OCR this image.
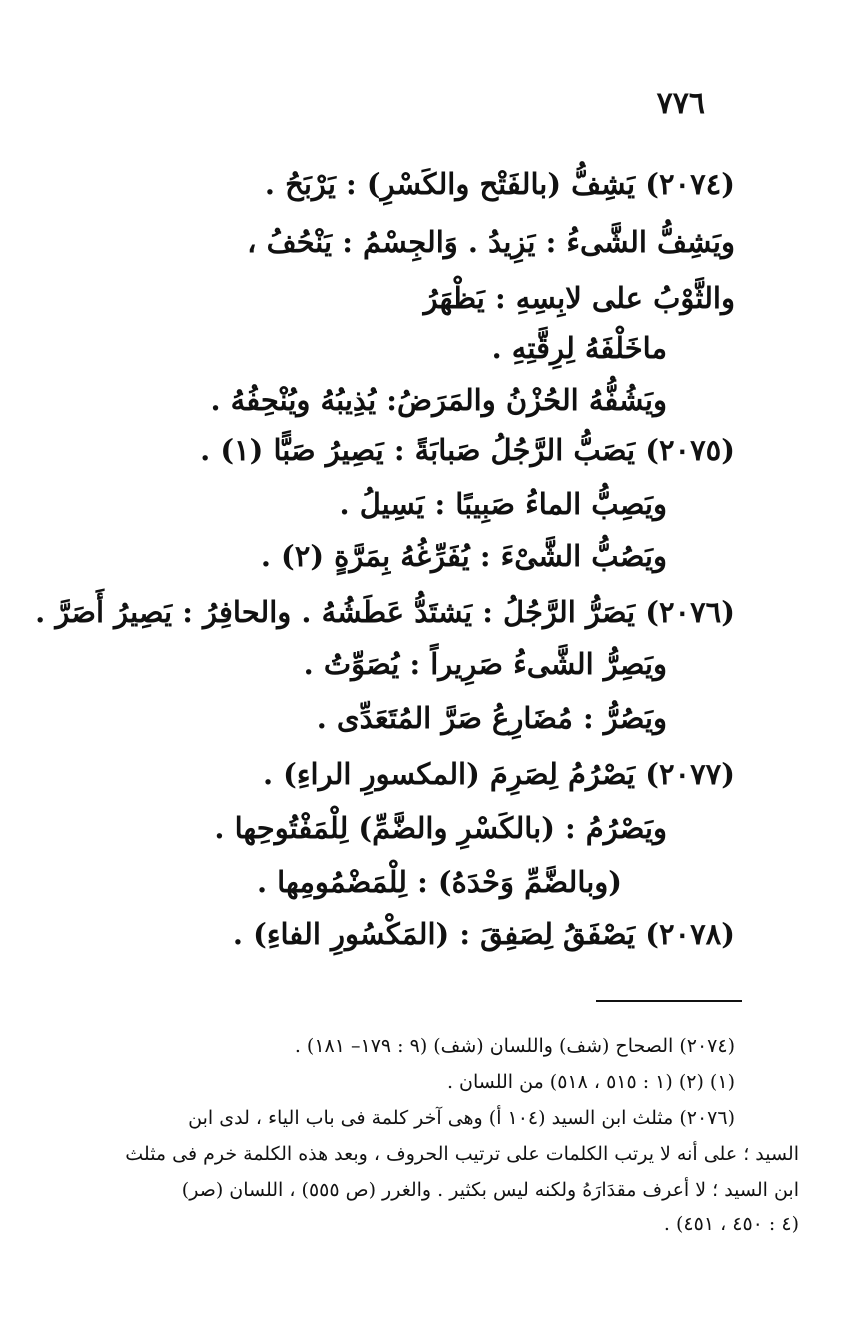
٧٧٦
(٢٠٧٤) يَشِفُّ (بالفَتْح والكَسْرِ) : يَرْبَحُ .
ويَشِفُّ الشَّىءُ : يَزِيدُ . وَالجِسْمُ : يَنْحُفُ ،
والثَّوْبُ على لابِسِهِ : يَظْهَرُ
ماخَلْفَهُ لِرِقَّتِهِ .
ويَشُفُّهُ الحُزْنُ والمَرَضُ: يُذِيبُهُ ويُنْحِفُهُ .
(٢٠٧٥) يَصَبُّ الرَّجُلُ صَبابَةً : يَصِيرُ صَبًّا (١) .
ويَصِبُّ الماءُ صَبِيبًا : يَسِيلُ .
ويَصُبُّ الشَّىْءَ : يُفَرِّغُهُ بِمَرَّةٍ (٢) .
(٢٠٧٦) يَصَرُّ الرَّجُلُ : يَشتَدُّ عَطَشُهُ . والحافِرُ : يَصِيرُ أَصَرَّ .
ويَصِرُّ الشَّىءُ صَرِيراً : يُصَوِّتُ .
ويَصُرُّ : مُضَارِعُ صَرَّ المُتَعَدِّى .
(٢٠٧٧) يَصْرُمُ لِصَرِمَ (المكسورِ الراءِ) .
ويَصْرُمُ : (بالكَسْرِ والضَّمِّ) لِلْمَفْتُوحِها .
(وبالضَّمِّ وَحْدَهُ) : لِلْمَضْمُومِها .
(٢٠٧٨) يَصْفَقُ لِصَفِقَ : (المَكْسُورِ الفاءِ) .
(٢٠٧٤) الصحاح (شف) واللسان (شف) (٩ : ١٧٩– ١٨١) .
(١) (٢) (١ : ٥١٥ ، ٥١٨) من اللسان .
(٢٠٧٦) مثلث ابن السيد (١٠٤ أ) وهى آخر كلمة فى باب الياء ، لدى ابن
السيد ؛ على أنه لا يرتب الكلمات على ترتيب الحروف ، وبعد هذه الكلمة خرم فى مثلث
ابن السيد ؛ لا أعرف مقدَارَهُ ولكنه ليس بكثير . والغرر (ص ٥٥٥) ، اللسان (صر)
(٤ : ٤٥٠ ، ٤٥١) .
